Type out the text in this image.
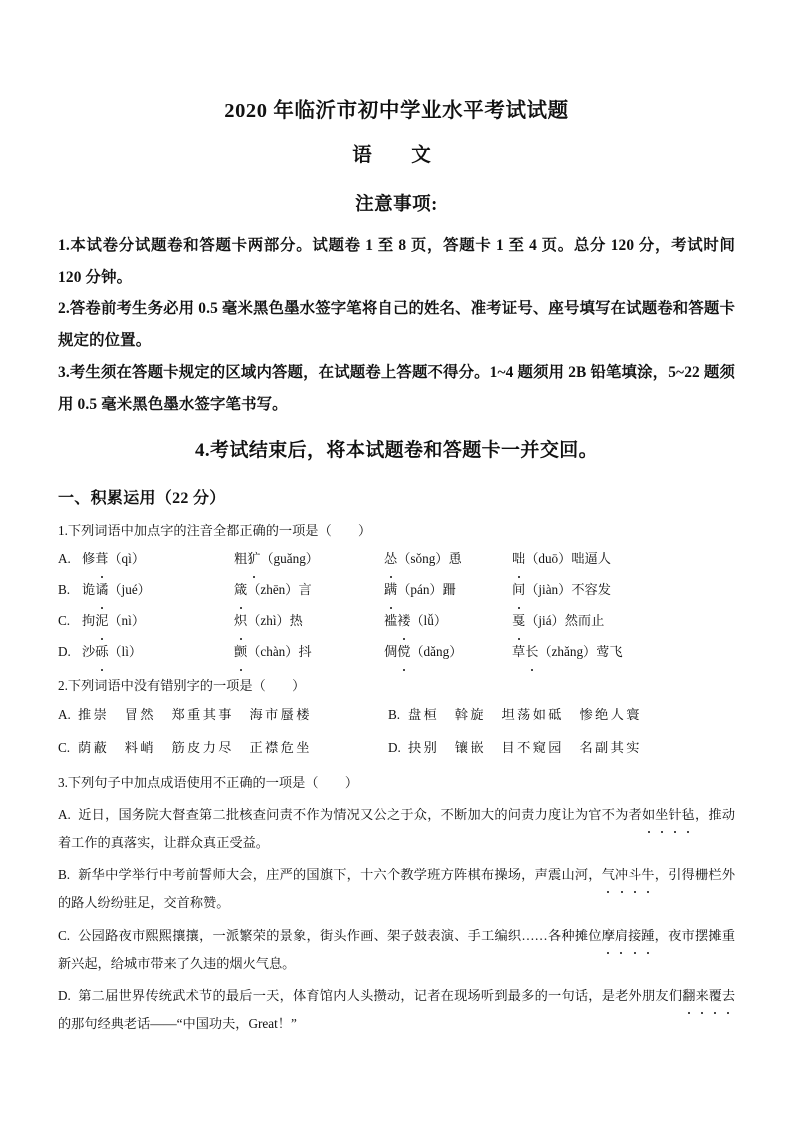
2020 年临沂市初中学业水平考试试题
语　文
注意事项:

1.本试卷分试题卷和答题卡两部分。试题卷 1 至 8 页，答题卡 1 至 4 页。总分 120 分，考试时间 120 分钟。

2.答卷前考生务必用 0.5 毫米黑色墨水签字笔将自己的姓名、准考证号、座号填写在试题卷和答题卡规定的位置。

3.考生须在答题卡规定的区域内答题，在试题卷上答题不得分。1~4 题须用 2B 铅笔填涂，5~22 题须用 0.5 毫米黑色墨水签字笔书写。

4.考试结束后，将本试题卷和答题卡一并交回。

一、积累运用（22 分）

1.下列词语中加点字的注音全都正确的一项是（　　）

A. 修葺（qì）	粗犷（guǎng）	怂（sǒng）恿	咄（duō）咄逼人
B. 诡谲（jué）	箴（zhēn）言	蹒（pán）跚	间（jiàn）不容发
C. 拘泥（nì）	炽（zhì）热	褴褛（lǚ）	戛（jiá）然而止
D. 沙砾（lì）	颤（chàn）抖	倜傥（dǎng）	草长（zhǎng）莺飞

2.下列词语中没有错别字的一项是（　　）

A. 推崇　冒然　郑重其事　海市蜃楼	B. 盘桓　斡旋　坦荡如砥　惨绝人寰
C. 荫蔽　料峭　筋皮力尽　正襟危坐	D. 抉别　镶嵌　目不窥园　名副其实

3.下列句子中加点成语使用不正确的一项是（　　）

A. 近日，国务院大督查第二批核查问责不作为情况又公之于众，不断加大的问责力度让为官不为者如坐针毡，推动着工作的真落实，让群众真正受益。

B. 新华中学举行中考前誓师大会，庄严的国旗下，十六个教学班方阵棋布操场，声震山河，气冲斗牛，引得栅栏外的路人纷纷驻足，交首称赞。

C. 公园路夜市熙熙攘攘，一派繁荣的景象，街头作画、架子鼓表演、手工编织……各种摊位摩肩接踵，夜市摆摊重新兴起，给城市带来了久违的烟火气息。

D. 第二届世界传统武术节的最后一天，体育馆内人头攒动，记者在现场听到最多的一句话，是老外朋友们翻来覆去的那句经典老话——“中国功夫，Great！”
